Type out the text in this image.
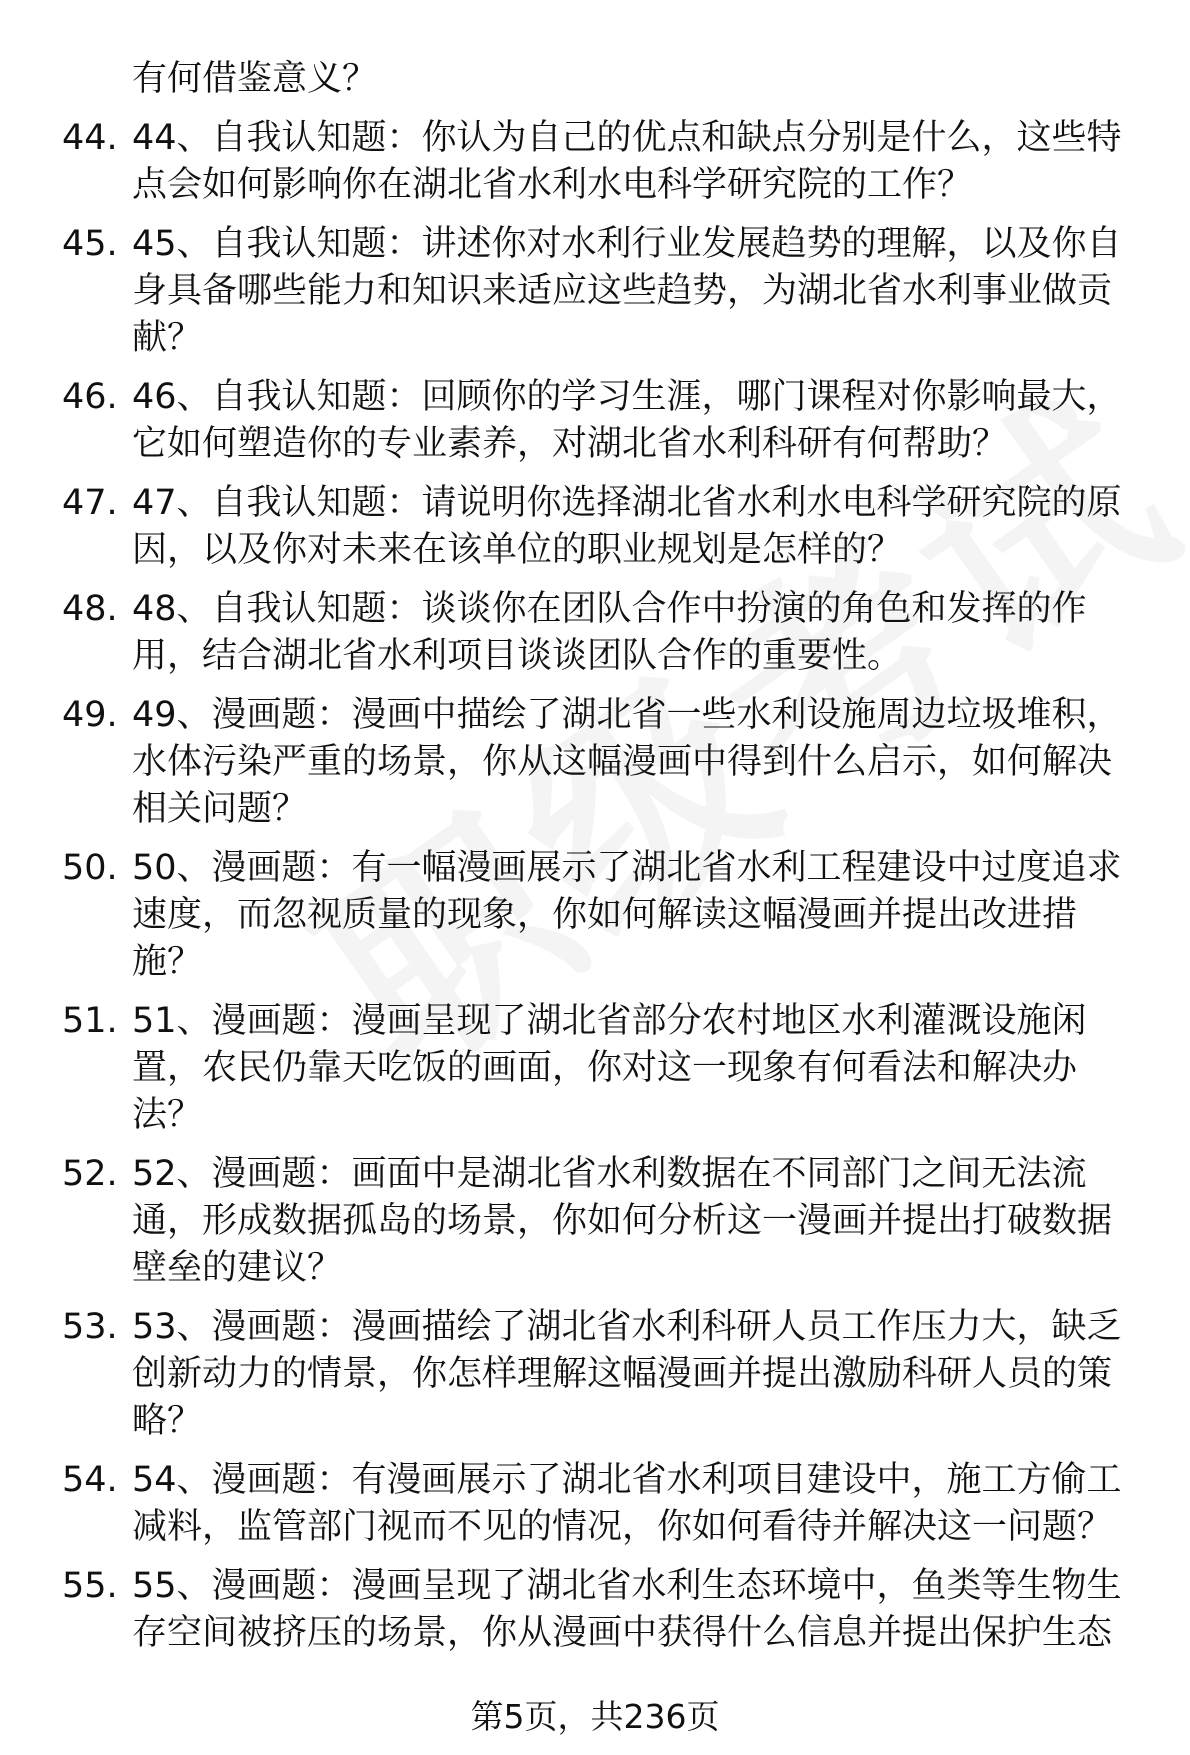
有何借鉴意义？
44. 44、自我认知题：你认为自己的优点和缺点分别是什么，这些特
点会如何影响你在湖北省水利水电科学研究院的工作？
45. 45、自我认知题：讲述你对水利行业发展趋势的理解，以及你自
身具备哪些能力和知识来适应这些趋势，为湖北省水利事业做贡
献？
46. 46、自我认知题：回顾你的学习生涯，哪门课程对你影响最大，
它如何塑造你的专业素养，对湖北省水利科研有何帮助？
47. 47、自我认知题：请说明你选择湖北省水利水电科学研究院的原
因，以及你对未来在该单位的职业规划是怎样的？
48. 48、自我认知题：谈谈你在团队合作中扮演的角色和发挥的作
用，结合湖北省水利项目谈谈团队合作的重要性。
49. 49、漫画题：漫画中描绘了湖北省一些水利设施周边垃圾堆积，
水体污染严重的场景，你从这幅漫画中得到什么启示，如何解决
相关问题？
50. 50、漫画题：有一幅漫画展示了湖北省水利工程建设中过度追求
速度，而忽视质量的现象，你如何解读这幅漫画并提出改进措
施？
51. 51、漫画题：漫画呈现了湖北省部分农村地区水利灌溉设施闲
置，农民仍靠天吃饭的画面，你对这一现象有何看法和解决办
法？
52. 52、漫画题：画面中是湖北省水利数据在不同部门之间无法流
通，形成数据孤岛的场景，你如何分析这一漫画并提出打破数据
壁垒的建议？
53. 53、漫画题：漫画描绘了湖北省水利科研人员工作压力大，缺乏
创新动力的情景，你怎样理解这幅漫画并提出激励科研人员的策
略？
54. 54、漫画题：有漫画展示了湖北省水利项目建设中，施工方偷工
减料，监管部门视而不见的情况，你如何看待并解决这一问题？
55. 55、漫画题：漫画呈现了湖北省水利生态环境中，鱼类等生物生
存空间被挤压的场景，你从漫画中获得什么信息并提出保护生态
第5页，共236页
